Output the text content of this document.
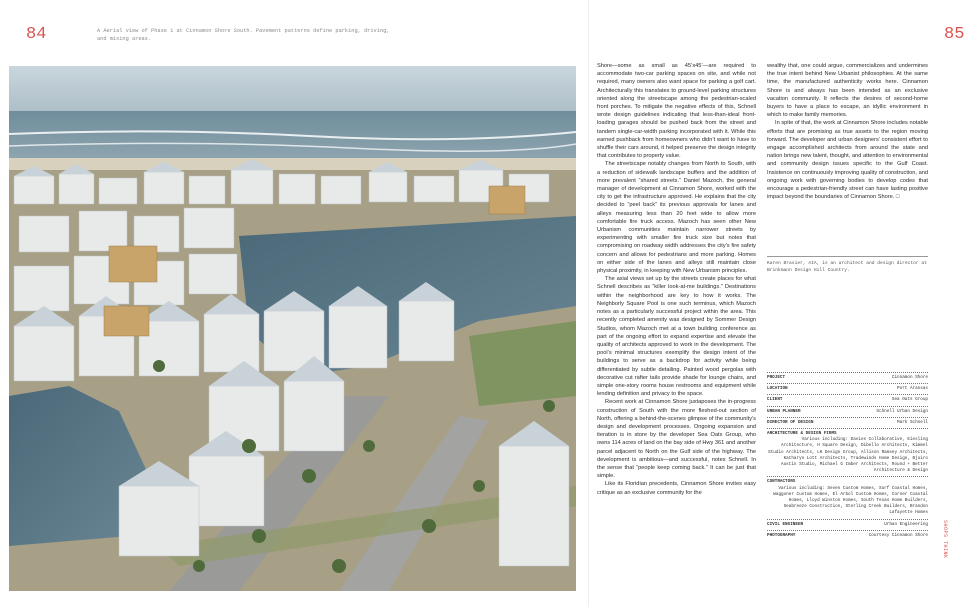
84	85
A Aerial view of Phase 1 at Cinnamon Shore South. Pavement patterns define parking, driving, and mixing areas.

Shore—some as small as 45’x45’—are required to accommodate two-car parking spaces on site, and while not required, many owners also want space for parking a golf cart. Architecturally this translates to ground-level parking structures oriented along the streetscape among the pedestrian-scaled front porches. To mitigate the negative effects of this, Schnell wrote design guidelines indicating that less-than-ideal front-loading garages should be pushed back from the street and tandem single-car-width parking incorporated with it. While this earned pushback from homeowners who didn’t want to have to shuffle their cars around, it helped preserve the design integrity that contributes to property value.

The streetscape notably changes from North to South, with a reduction of sidewalk landscape buffers and the addition of more prevalent “shared streets.” Daniel Mazoch, the general manager of development at Cinnamon Shore, worked with the city to get the infrastructure approved. He explains that the city decided to “peel back” its previous approvals for lanes and alleys measuring less than 20 feet wide to allow more comfortable fire truck access. Mazoch has seen other New Urbanism communities maintain narrower streets by experimenting with smaller fire truck size but notes that compromising on roadway width addresses the city’s fire safety concern and allows for pedestrians and more parking. Homes on either side of the lanes and alleys still maintain close physical proximity, in keeping with New Urbanism principles.

The axial views set up by the streets create places for what Schnell describes as “killer look-at-me buildings.” Destinations within the neighborhood are key to how it works. The Neighborly Square Pool is one such terminus, which Mazoch notes as a particularly successful project within the area. This recently completed amenity was designed by Sommer Design Studios, whom Mazoch met at a town building conference as part of the ongoing effort to expand expertise and elevate the quality of architects approved to work in the development. The pool’s minimal structures exemplify the design intent of the buildings to serve as a backdrop for activity while being differentiated by subtle detailing. Painted wood pergolas with decorative cut rafter tails provide shade for lounge chairs, and simple one-story rooms house restrooms and equipment while lending definition and privacy to the space.

Recent work at Cinnamon Shore juxtaposes the in-progress construction of South with the more fleshed-out section of North, offering a behind-the-scenes glimpse of the community’s design and development processes. Ongoing expansion and iteration is in store by the developer Sea Oats Group, who owns 114 acres of land on the bay side of Hwy 361 and another parcel adjacent to North on the Gulf side of the highway. The development is ambitious—and successful, notes Schnell. In the sense that “people keep coming back.” It can be just that simple.

Like its Floridian precedents, Cinnamon Shore invites easy critique as an exclusive community for the

wealthy that, one could argue, commercializes and undermines the true intent behind New Urbanist philosophies. At the same time, the manufactured authenticity works here. Cinnamon Shore is and always has been intended as an exclusive vacation community. It reflects the desires of second-home buyers to have a place to escape, an idyllic environment in which to make family memories.

In spite of that, the work at Cinnamon Shore includes notable efforts that are promising as true assets to the region moving forward. The developer and urban designers’ consistent effort to engage accomplished architects from around the state and nation brings new talent, thought, and attention to environmental and community design issues specific to the Gulf Coast. Insistence on continuously improving quality of construction, and ongoing work with governing bodies to develop codes that encourage a pedestrian-friendly street can have lasting positive impact beyond the boundaries of Cinnamon Shore. □

Karen Brasier, AIA, is an architect and design director at Brinkmann Design Hill Country.
PROJECT	Cinnamon Shore
LOCATION	Port Aransas
CLIENT	Sea Oats Group
URBAN PLANNER	Schnell Urban Design
DIRECTOR OF DESIGN	Mark Schnell
ARCHITECTURE & DESIGN FIRMS
Various including: Davies Collaborative, Eiesling Architecture, H Square Design, Dibello Architects, Kimmel Studio Architects, LK Design Group, Allison Ramsey Architects, Katharyn Lott Architects, Tradewinds Home Design, Bjuiro Austin Studio, Michael G Imber Architects, Round + Better Architecture & Design
CONTRACTORS
Various including: Seven Custom Homes, Surf Coastal Homes, Waggoner Custom Homes, El Arbol Custom Homes, Corner Coastal Homes, Lloyd Winston Homes, South Texas Home Builders, Seabreeze Construction, Sterling Creek Builders, Brandon Lafayette Homes
CIVIL ENGINEER	Urban Engineering
PHOTOGRAPHY	Courtesy Cinnamon Shore	SHOPS THINK
